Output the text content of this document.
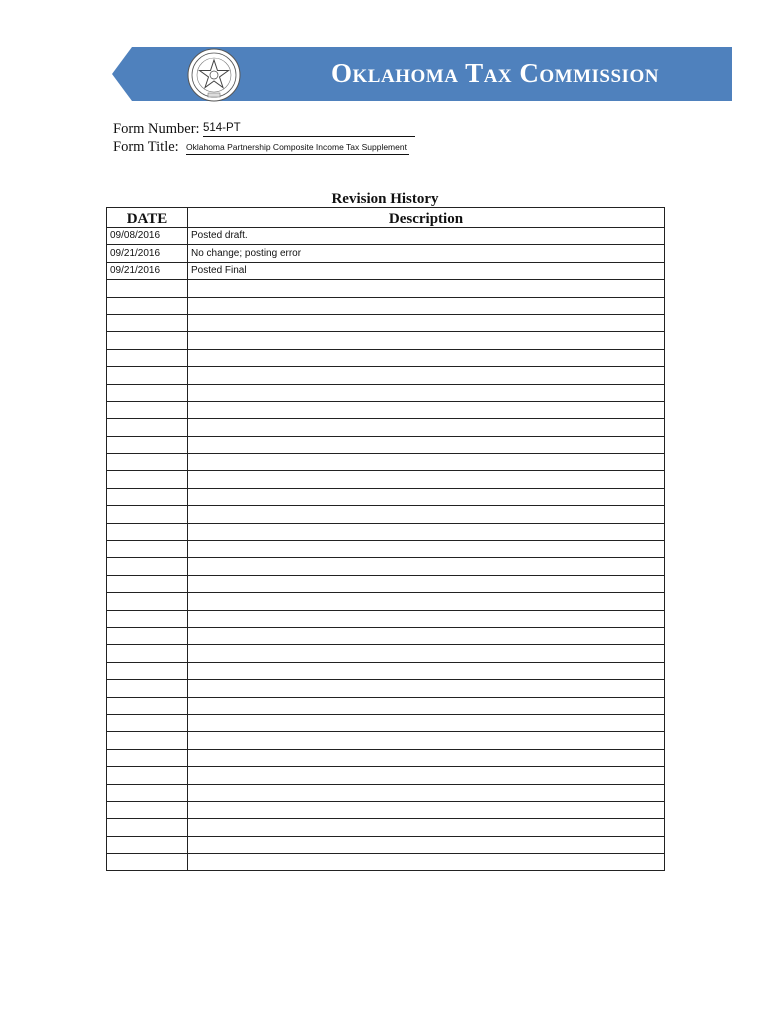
Oklahoma Tax Commission
Form Number: 514-PT
Form Title: Oklahoma Partnership Composite Income Tax Supplement
Revision History
DATE	Description
09/08/2016	Posted draft.
09/21/2016	No change; posting error
09/21/2016	Posted Final
